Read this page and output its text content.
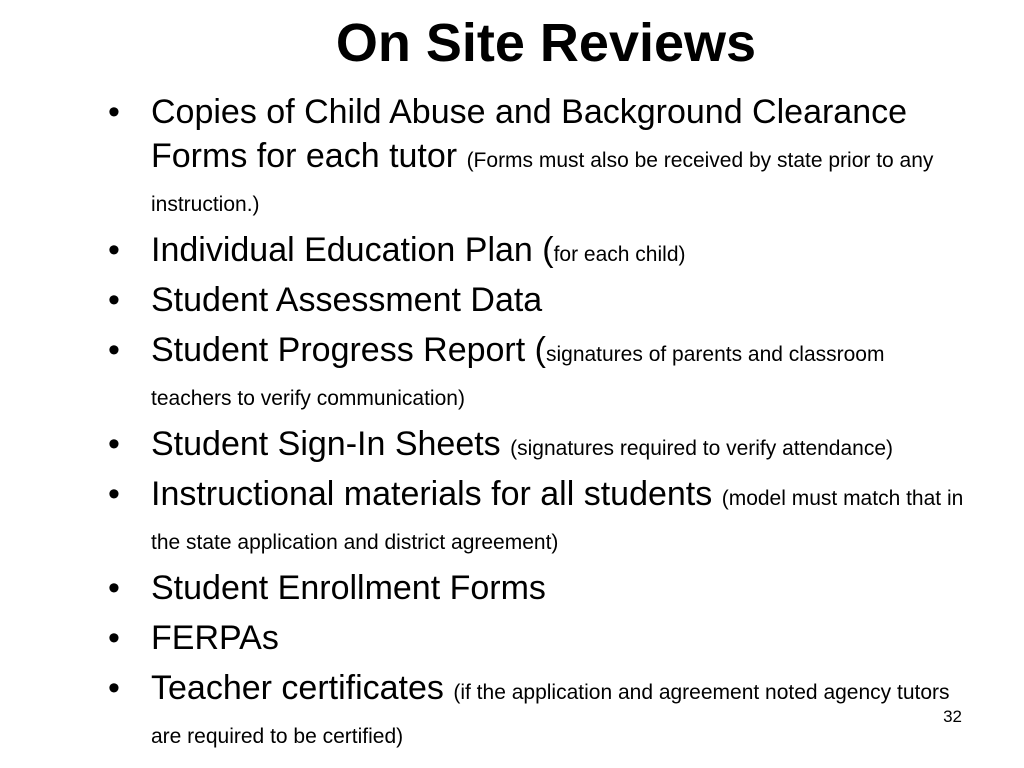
On Site Reviews
• Copies of Child Abuse and Background Clearance Forms for each tutor (Forms must also be received by state prior to any instruction.)
• Individual Education Plan (for each child)
• Student Assessment Data
• Student Progress Report (signatures of parents and classroom teachers to verify communication)
• Student Sign-In Sheets (signatures required to verify attendance)
• Instructional materials for all students (model must match that in the state application and district agreement)
• Student Enrollment Forms
• FERPAs
• Teacher certificates (if the application and agreement noted agency tutors are required to be certified)
32
